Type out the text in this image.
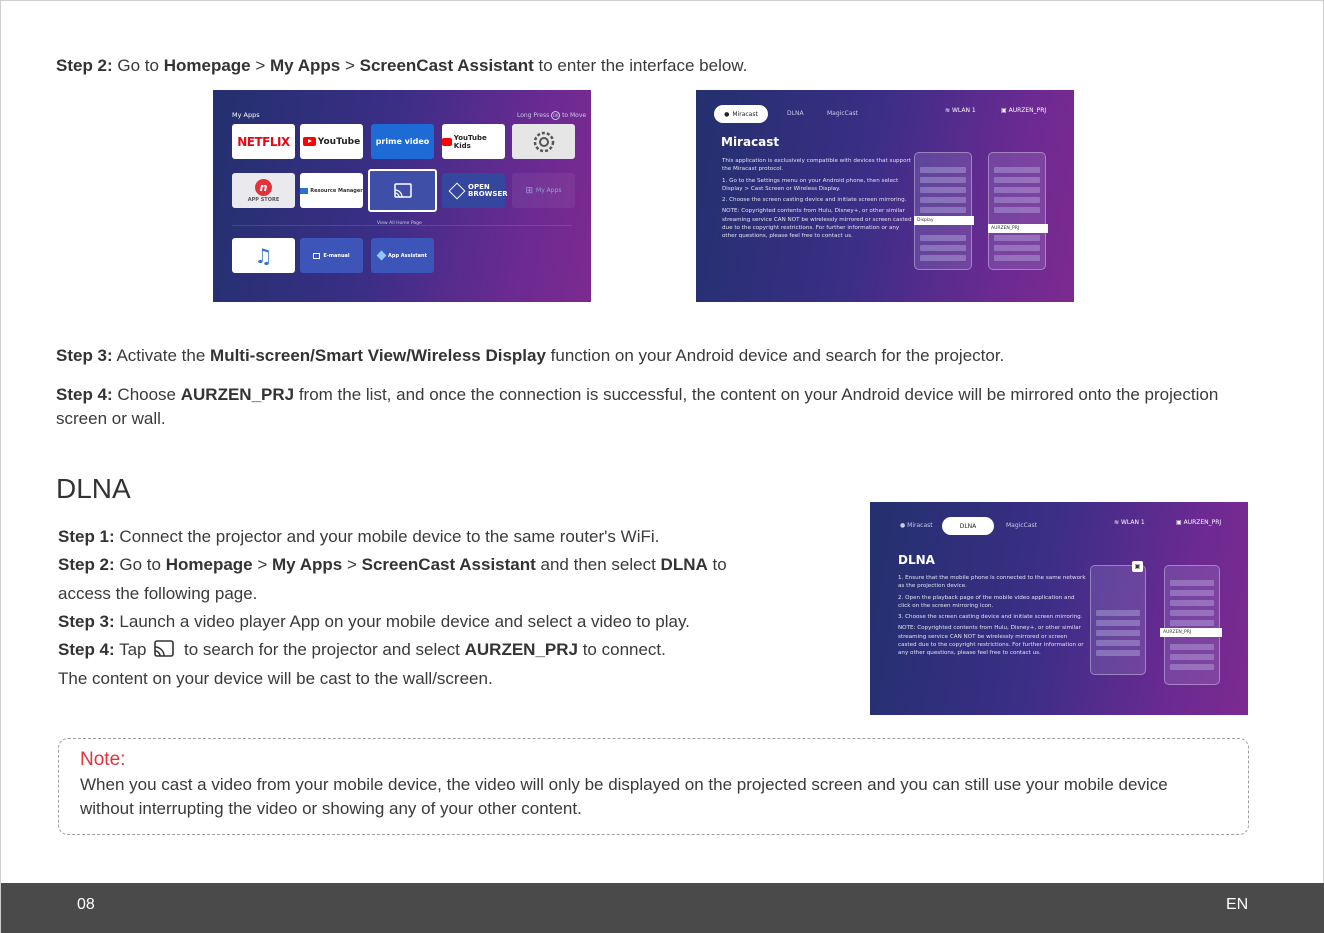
Step 2: Go to Homepage > My Apps > ScreenCast Assistant to enter the interface below.
My Apps	Long Press OK to Move
NETFLIX	YouTube prime video	YouTube Kids
n
APP STORE
Resource Manager	OPEN BROWSER ⊞ My Apps
View All Home Page
♫	E-manual	App Assistant
● Miracast	DLNA	MagicCast	≋ WLAN 1	▣ AURZEN_PRJ
Miracast

This application is exclusively compatible with devices that support the Miracast protocol.

1. Go to the Settings menu on your Android phone, then select Display > Cast Screen or Wireless Display.

2. Choose the screen casting device and initiate screen mirroring.

NOTE: Copyrighted contents from Hulu, Disney+, or other similar streaming service CAN NOT be wirelessly mirrored or screen casted due to the copyright restrictions. For further information or any other questions, please feel free to contact us.

Display
AURZEN_PRJ
Step 3: Activate the Multi-screen/Smart View/Wireless Display function on your Android device and search for the projector.
Step 4: Choose AURZEN_PRJ from the list, and once the connection is successful, the content on your Android device will be mirrored onto the projection screen or wall.
DLNA
Step 1: Connect the projector and your mobile device to the same router's WiFi.
Step 2: Go to Homepage > My Apps > ScreenCast Assistant and then select DLNA to
access the following page.
Step 3: Launch a video player App on your mobile device and select a video to play.
Step 4: Tap  to search for the projector and select AURZEN_PRJ to connect.
The content on your device will be cast to the wall/screen.
● Miracast	DLNA	MagicCast	≋ WLAN 1	▣ AURZEN_PRJ
DLNA

1. Ensure that the mobile phone is connected to the same network as the projection device.

2. Open the playback page of the mobile video application and click on the screen mirroring icon.

3. Choose the screen casting device and initiate screen mirroring.

NOTE: Copyrighted contents from Hulu, Disney+, or other similar streaming service CAN NOT be wirelessly mirrored or screen casted due to the copyright restrictions. For further information or any other questions, please feel free to contact us.

▣
AURZEN_PRJ
Note:
When you cast a video from your mobile device, the video will only be displayed on the projected screen and you can still use your mobile device without interrupting the video or showing any of your other content.
08	EN
